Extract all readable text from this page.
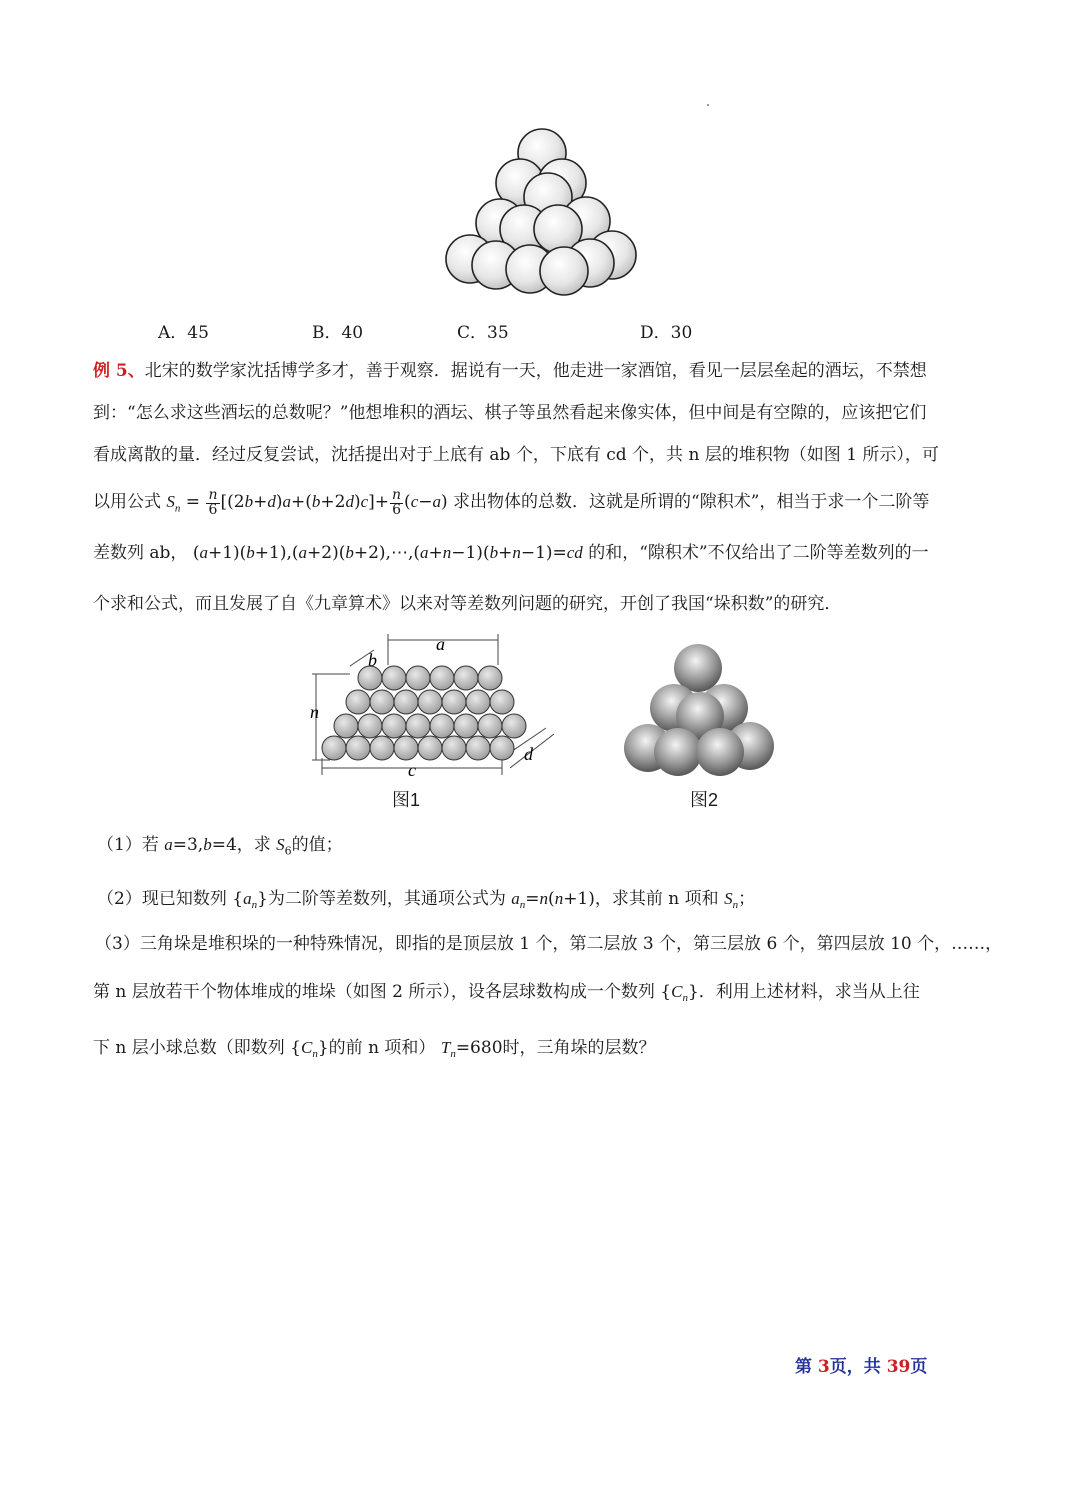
A．45	B．40	C．35	D．30
例 5、北宋的数学家沈括博学多才，善于观察．据说有一天，他走进一家酒馆，看见一层层垒起的酒坛，不禁想
到：“怎么求这些酒坛的总数呢？”他想堆积的酒坛、棋子等虽然看起来像实体，但中间是有空隙的，应该把它们
看成离散的量．经过反复尝试，沈括提出对于上底有 ab 个，下底有 cd 个，共 n 层的堆积物（如图 1 所示），可
以用公式 $S_n = \frac{n}{6}[(2b+d)a+(b+2d)c]+\frac{n}{6}(c-a)$ 求出物体的总数．这就是所谓的“隙积术”，相当于求一个二阶等
差数列 ab， (a+1)(b+1),(a+2)(b+2),⋯,(a+n−1)(b+n−1)=cd 的和，“隙积术”不仅给出了二阶等差数列的一
个求和公式，而且发展了自《九章算术》以来对等差数列问题的研究，开创了我国“垛积数”的研究．
a
b
n
c
d
图1	图2
（1）若 a=3,b=4，求 $S_6$的值；
（2）现已知数列 $\{a_n\}$为二阶等差数列，其通项公式为 $a_n=n(n+1)$，求其前 n 项和 $S_n$；
（3）三角垛是堆积垛的一种特殊情况，即指的是顶层放 1 个，第二层放 3 个，第三层放 6 个，第四层放 10 个，……，
第 n 层放若干个物体堆成的堆垛（如图 2 所示），设各层球数构成一个数列 $\{C_n\}$．利用上述材料，求当从上往
下 n 层小球总数（即数列 $\{C_n\}$的前 n 项和） $T_n=680$时，三角垛的层数？
第 3页，共 39页
